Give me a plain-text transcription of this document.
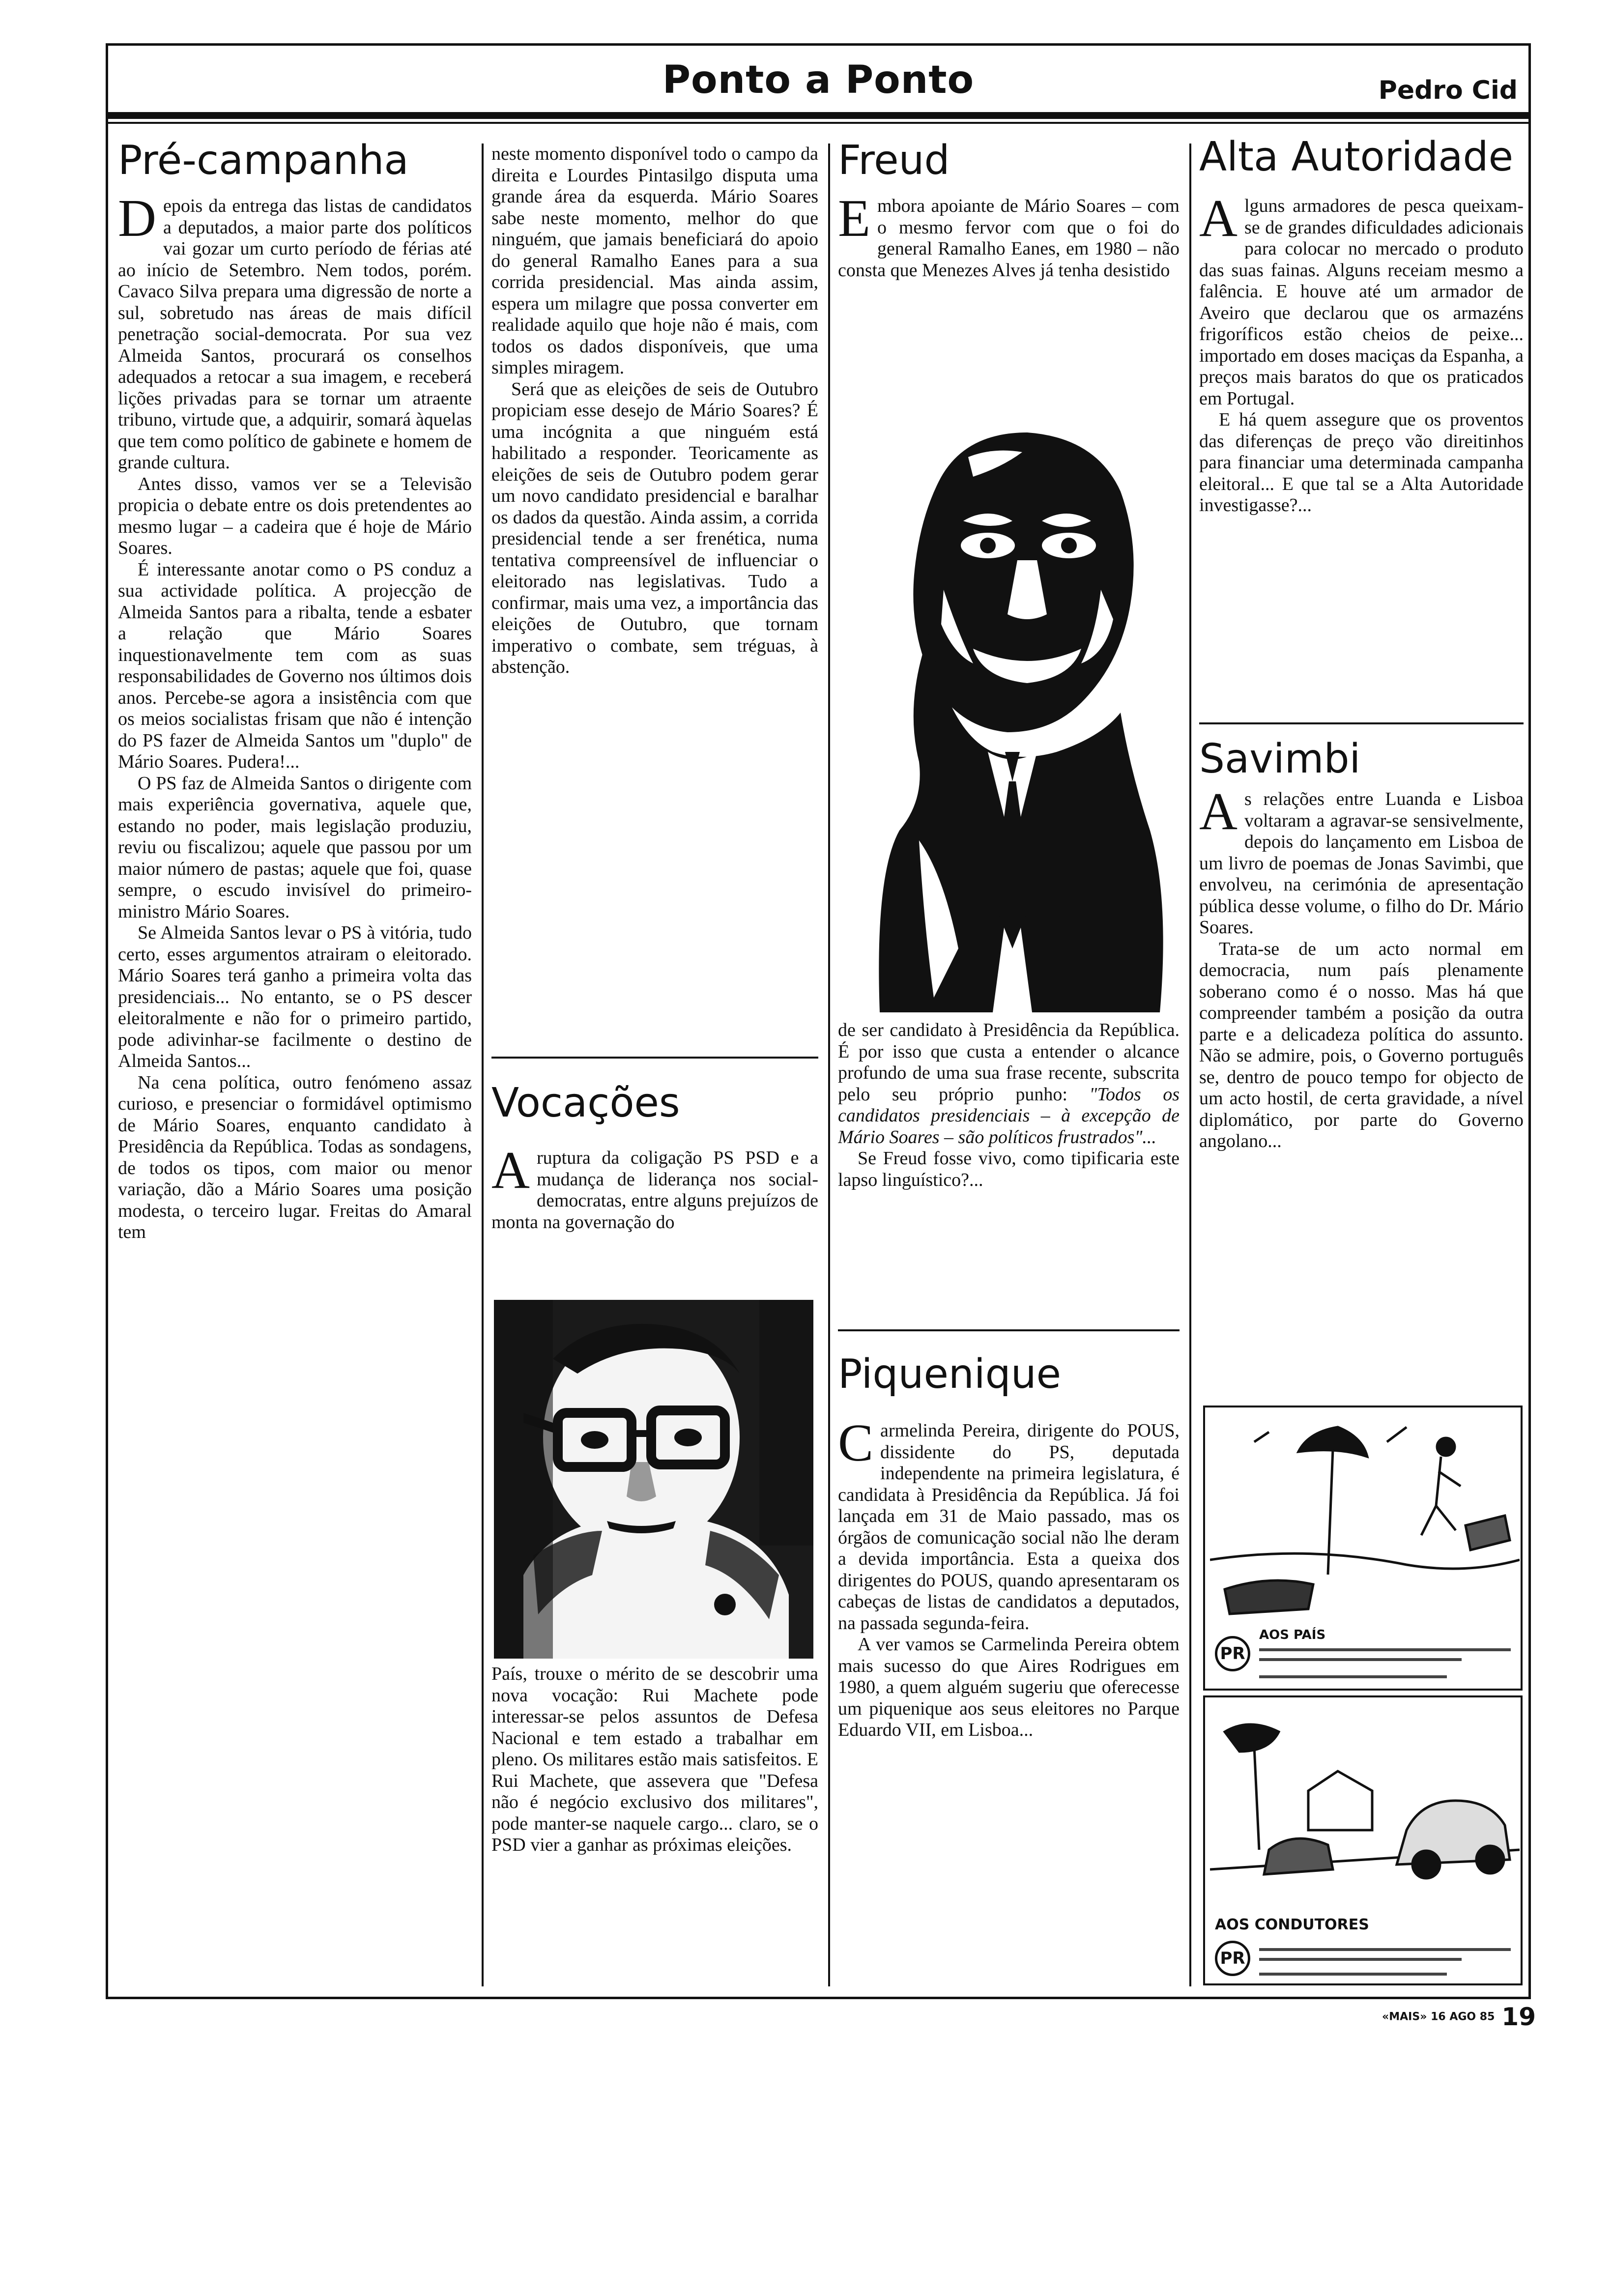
Ponto a Ponto	Pedro Cid
Pré-campanha

Depois da entrega das listas de candidatos a deputados, a maior parte dos políticos vai gozar um curto período de férias até ao início de Setembro. Nem todos, porém. Cavaco Silva prepara uma digressão de norte a sul, sobretudo nas áreas de mais difícil penetração social-democrata. Por sua vez Almeida Santos, procurará os conselhos adequados a retocar a sua imagem, e receberá lições privadas para se tornar um atraente tribuno, virtude que, a adquirir, somará àquelas que tem como político de gabinete e homem de grande cultura.

Antes disso, vamos ver se a Televisão propicia o debate entre os dois pretendentes ao mesmo lugar – a cadeira que é hoje de Mário Soares.

É interessante anotar como o PS conduz a sua actividade política. A projecção de Almeida Santos para a ribalta, tende a esbater a relação que Mário Soares inquestionavelmente tem com as suas responsabilidades de Governo nos últimos dois anos. Percebe-se agora a insistência com que os meios socialistas frisam que não é intenção do PS fazer de Almeida Santos um "duplo" de Mário Soares. Pudera!...

O PS faz de Almeida Santos o dirigente com mais experiência governativa, aquele que, estando no poder, mais legislação produziu, reviu ou fiscalizou; aquele que passou por um maior número de pastas; aquele que foi, quase sempre, o escudo invisível do primeiro-ministro Mário Soares.

Se Almeida Santos levar o PS à vitória, tudo certo, esses argumentos atrairam o eleitorado. Mário Soares terá ganho a primeira volta das presidenciais... No entanto, se o PS descer eleitoralmente e não for o primeiro partido, pode adivinhar-se facilmente o destino de Almeida Santos...

Na cena política, outro fenómeno assaz curioso, e presenciar o formidável optimismo de Mário Soares, enquanto candidato à Presidência da República. Todas as sondagens, de todos os tipos, com maior ou menor variação, dão a Mário Soares uma posição modesta, o terceiro lugar. Freitas do Amaral tem

neste momento disponível todo o campo da direita e Lourdes Pintasilgo disputa uma grande área da esquerda. Mário Soares sabe neste momento, melhor do que ninguém, que jamais beneficiará do apoio do general Ramalho Eanes para a sua corrida presidencial. Mas ainda assim, espera um milagre que possa converter em realidade aquilo que hoje não é mais, com todos os dados disponíveis, que uma simples miragem.

Será que as eleições de seis de Outubro propiciam esse desejo de Mário Soares? É uma incógnita a que ninguém está habilitado a responder. Teoricamente as eleições de seis de Outubro podem gerar um novo candidato presidencial e baralhar os dados da questão. Ainda assim, a corrida presidencial tende a ser frenética, numa tentativa compreensível de influenciar o eleitorado nas legislativas. Tudo a confirmar, mais uma vez, a importância das eleições de Outubro, que tornam imperativo o combate, sem tréguas, à abstenção.

Vocações

Aruptura da coligação PS PSD e a mudança de liderança nos social-democratas, entre alguns prejuízos de monta na governação do

País, trouxe o mérito de se descobrir uma nova vocação: Rui Machete pode interessar-se pelos assuntos de Defesa Nacional e tem estado a trabalhar em pleno. Os militares estão mais satisfeitos. E Rui Machete, que assevera que "Defesa não é negócio exclusivo dos militares", pode manter-se naquele cargo... claro, se o PSD vier a ganhar as próximas eleições.

Freud

Embora apoiante de Mário Soares – com o mesmo fervor com que o foi do general Ramalho Eanes, em 1980 – não consta que Menezes Alves já tenha desistido

de ser candidato à Presidência da República. É por isso que custa a entender o alcance profundo de uma sua frase recente, subscrita pelo seu próprio punho: "Todos os candidatos presidenciais – à excepção de Mário Soares – são políticos frustrados"...

Se Freud fosse vivo, como tipificaria este lapso linguístico?...

Piquenique

Carmelinda Pereira, dirigente do POUS, dissidente do PS, deputada independente na primeira legislatura, é candidata à Presidência da República. Já foi lançada em 31 de Maio passado, mas os órgãos de comunicação social não lhe deram a devida importância. Esta a queixa dos dirigentes do POUS, quando apresentaram os cabeças de listas de candidatos a deputados, na passada segunda-feira.

A ver vamos se Carmelinda Pereira obtem mais sucesso do que Aires Rodrigues em 1980, a quem alguém sugeriu que oferecesse um piquenique aos seus eleitores no Parque Eduardo VII, em Lisboa...

Alta Autoridade

Alguns armadores de pesca queixam-se de grandes dificuldades adicionais para colocar no mercado o produto das suas fainas. Alguns receiam mesmo a falência. E houve até um armador de Aveiro que declarou que os armazéns frigoríficos estão cheios de peixe... importado em doses maciças da Espanha, a preços mais baratos do que os praticados em Portugal.

E há quem assegure que os proventos das diferenças de preço vão direitinhos para financiar uma determinada campanha eleitoral... E que tal se a Alta Autoridade investigasse?...

Savimbi

As relações entre Luanda e Lisboa voltaram a agravar-se sensivelmente, depois do lançamento em Lisboa de um livro de poemas de Jonas Savimbi, que envolveu, na cerimónia de apresentação pública desse volume, o filho do Dr. Mário Soares.

Trata-se de um acto normal em democracia, num país plenamente soberano como é o nosso. Mas há que compreender também a posição da outra parte e a delicadeza política do assunto. Não se admire, pois, o Governo português se, dentro de pouco tempo for objecto de um acto hostil, de certa gravidade, a nível diplomático, por parte do Governo angolano...

PR
AOS PAÍS
AOS CONDUTORES
PR
«MAIS» 16 AGO 85 19
